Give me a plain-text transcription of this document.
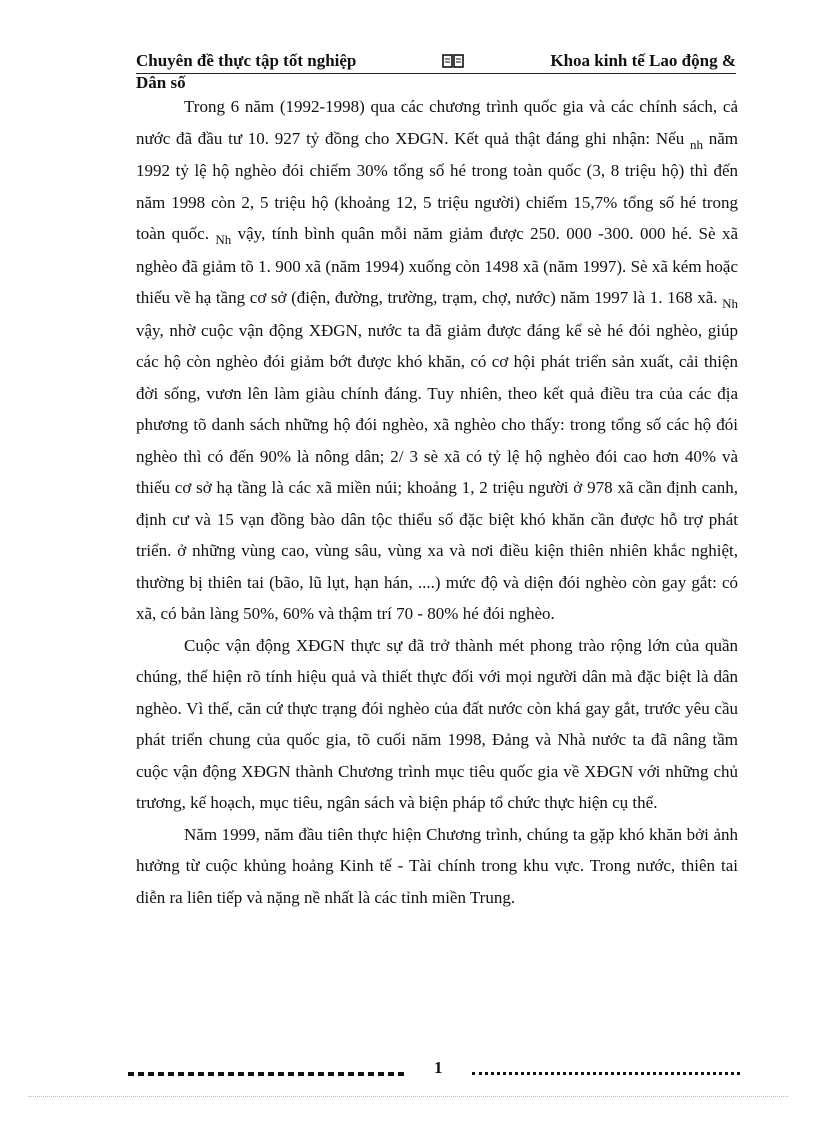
Chuyên đề thực tập tốt nghiệp	Khoa kinh tế Lao động &
Dân số

Trong 6 năm (1992-1998) qua các chương trình quốc gia và các chính sách, cả nước đã đầu tư 10. 927 tỷ đồng cho XĐGN. Kết quả thật đáng ghi nhận: Nếu $_{nh}$ năm 1992 tỷ lệ hộ nghèo đói chiếm 30% tổng số hé trong toàn quốc (3, 8 triệu hộ) thì đến năm 1998 còn 2, 5 triệu hộ (khoảng 12, 5 triệu người) chiếm 15,7% tổng số hé trong toàn quốc. $_{Nh}$ vậy, tính bình quân mỗi năm giảm được 250. 000 -300. 000 hé. Sè xã nghèo đã giảm tõ 1. 900 xã (năm 1994) xuống còn 1498 xã (năm 1997). Sè xã kém hoặc thiếu về hạ tầng cơ sở (điện, đường, trường, trạm, chợ, nước) năm 1997 là 1. 168 xã. $_{Nh}$ vậy, nhờ cuộc vận động XĐGN, nước ta đã giảm được đáng kể sè hé đói nghèo, giúp các hộ còn nghèo đói giảm bớt được khó khăn, có cơ hội phát triển sản xuất, cải thiện đời sống, vươn lên làm giàu chính đáng. Tuy nhiên, theo kết quả điều tra của các địa phương tõ danh sách những hộ đói nghèo, xã nghèo cho thấy: trong tổng số các hộ đói nghèo thì có đến 90% là nông dân; 2/ 3 sè xã có tỷ lệ hộ nghèo đói cao hơn 40% và thiếu cơ sở hạ tầng là các xã miền núi; khoảng 1, 2 triệu người ở 978 xã cần định canh, định cư và 15 vạn đồng bào dân tộc thiểu số đặc biệt khó khăn cần được hỗ trợ phát triển. ở những vùng cao, vùng sâu, vùng xa và nơi điều kiện thiên nhiên khắc nghiệt, thường bị thiên tai (bão, lũ lụt, hạn hán, ....) mức độ và diện đói nghèo còn gay gắt: có xã, có bản làng 50%, 60% và thậm trí 70 - 80% hé đói nghèo.

Cuộc vận động XĐGN thực sự đã trở thành mét phong trào rộng lớn của quần chúng, thể hiện rõ tính hiệu quả và thiết thực đối với mọi người dân mà đặc biệt là dân nghèo. Vì thế, căn cứ thực trạng đói nghèo của đất nước còn khá gay gắt, trước yêu cầu phát triển chung của quốc gia, tõ cuối năm 1998, Đảng và Nhà nước ta đã nâng tầm cuộc vận động XĐGN thành Chương trình mục tiêu quốc gia về XĐGN với những chủ trương, kế hoạch, mục tiêu, ngân sách và biện pháp tổ chức thực hiện cụ thể.

Năm 1999, năm đầu tiên thực hiện Chương trình, chúng ta gặp khó khăn bởi ảnh hưởng từ cuộc khủng hoảng Kinh tế - Tài chính trong khu vực. Trong nước, thiên tai diễn ra liên tiếp và nặng nề nhất là các tỉnh miền Trung.

1
